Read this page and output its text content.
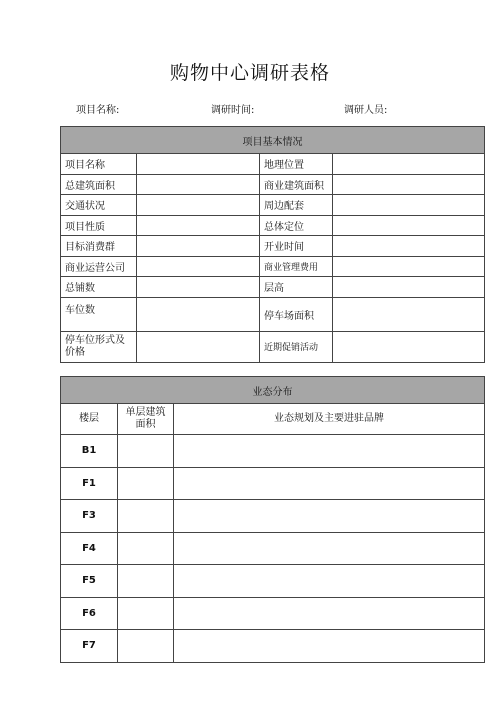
购物中心调研表格
项目名称:	调研时间:	调研人员:
项目基本情况			
项目名称		地理位置	
总建筑面积		商业建筑面积	
交通状况		周边配套	
项目性质		总体定位	
目标消费群		开业时间	
商业运营公司		商业管理费用	
总铺数		层高	
车位数		停车场面积	
停车位形式及价格		近期促销活动	
业态分布		
楼层	单层建筑面积	业态规划及主要进驻品牌
B1		
F1		
F3		
F4		
F5		
F6		
F7		
